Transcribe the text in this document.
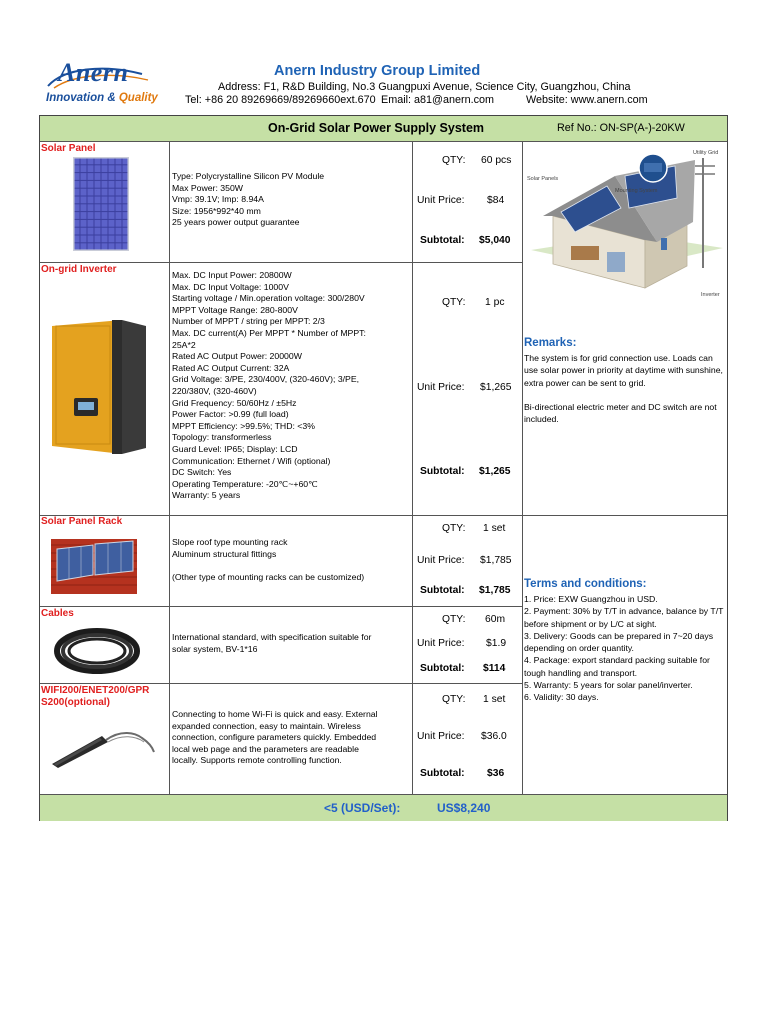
Anern
Innovation & Quality
Anern Industry Group Limited
Address: F1, R&D Building, No.3 Guangpuxi Avenue, Science City, Guangzhou, China
Tel: +86 20 89269669/89269660ext.670 Email: a81@anern.com	Website: www.anern.com
On-Grid Solar Power Supply System	Ref No.: ON-SP(A-)-20KW
Solar Panel
Type: Polycrystalline Silicon PV Module
Max Power: 350W
Vmp: 39.1V; Imp: 8.94A
Size: 1956*992*40 mm
25 years power output guarantee
QTY: 60 pcs
Unit Price: $84
Subtotal: $5,040
On-grid Inverter	Max. DC Input Power: 20800W
Max. DC Input Voltage: 1000V
Starting voltage / Min.operation voltage: 300/280V
MPPT Voltage Range: 280-800V
Number of MPPT / string per MPPT: 2/3
Max. DC current(A) Per MPPT * Number of MPPT:
25A*2
Rated AC Output Power: 20000W
Rated AC Output Current: 32A
Grid Voltage: 3/PE, 230/400V, (320-460V); 3/PE,
220/380V, (320-460V)
Grid Frequency: 50/60Hz / ±5Hz
Power Factor: >0.99 (full load)
MPPT Efficiency: >99.5%; THD: <3%
Topology: transformerless
Guard Level: IP65; Display: LCD
Communication: Ethernet / Wifi (optional)
DC Switch: Yes
Operating Temperature: -20℃~+60℃
Warranty: 5 years
QTY: 1 pc
Unit Price: $1,265
Subtotal: $1,265
Solar Panel Rack
Slope roof type mounting rack
Aluminum structural fittings
(Other type of mounting racks can be customized)
QTY: 1 set
Unit Price: $1,785
Subtotal: $1,785
Cables
International standard, with specification suitable for
solar system, BV-1*16
QTY: 60m
Unit Price: $1.9
Subtotal: $114
WIFI200/ENET200/GPR
S200(optional)
Connecting to home Wi-Fi is quick and easy. External
expanded connection, easy to maintain. Wireless
connection, configure parameters quickly. Embedded
local web page and the parameters are readable
locally. Supports remote controlling function.
QTY: 1 set
Unit Price: $36.0
Subtotal: $36
Solar Panels
Mounting System
Utility Grid
Inverter
Remarks:

The system is for grid connection use. Loads can use solar power in priority at daytime with sunshine, extra power can be sent to grid.

Bi-directional electric meter and DC switch are not included.

Terms and conditions:

1. Price: EXW Guangzhou in USD.

2. Payment: 30% by T/T in advance, balance by T/T before shipment or by L/C at sight.

3. Delivery: Goods can be prepared in 7~20 days depending on order quantity.

4. Package: export standard packing suitable for tough handling and transport.

5. Warranty: 5 years for solar panel/inverter.

6. Validity: 30 days.

<5 (USD/Set):	US$8,240
